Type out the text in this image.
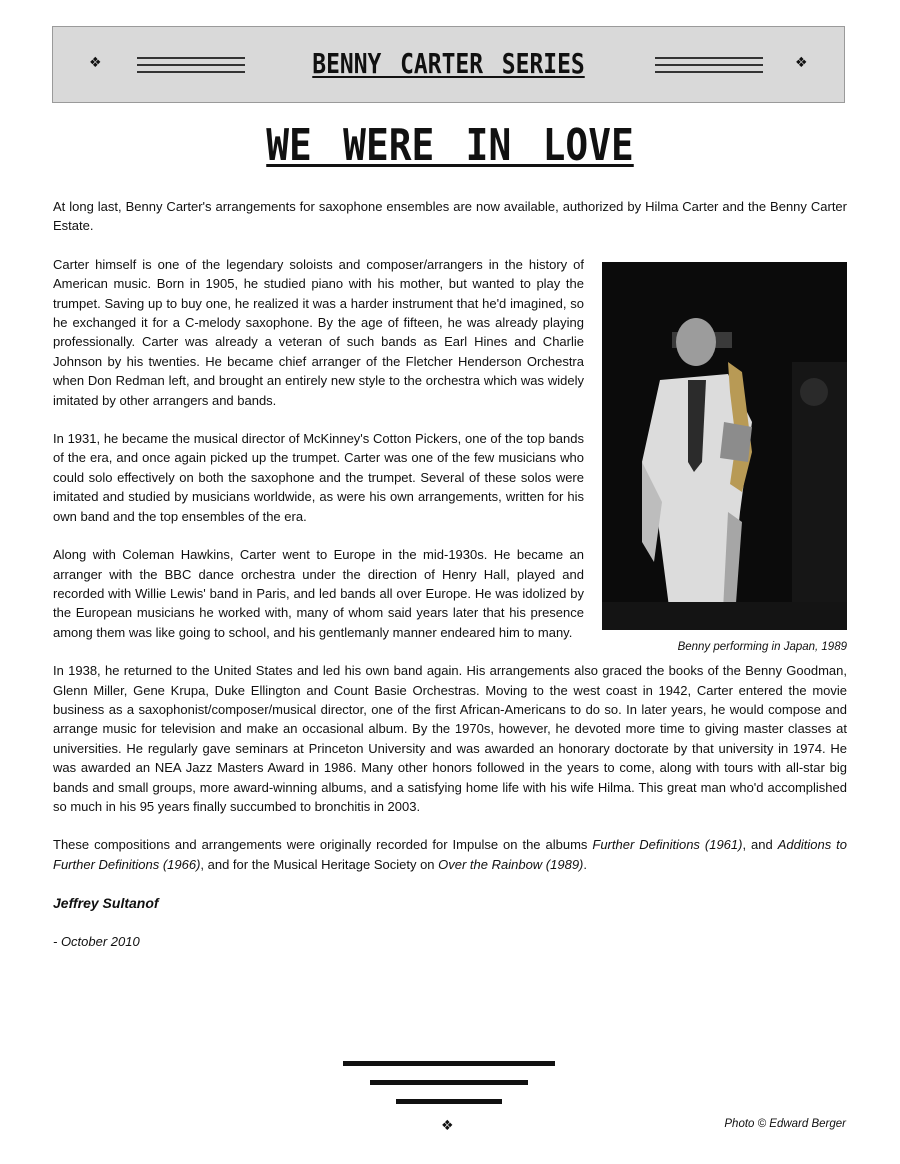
❖	BENNY CARTER SERIES	❖
WE WERE IN LOVE

At long last, Benny Carter's arrangements for saxophone ensembles are now available, authorized by Hilma Carter and the Benny Carter Estate.

Benny performing in Japan, 1989

Carter himself is one of the legendary soloists and composer/arrangers in the history of American music. Born in 1905, he studied piano with his mother, but wanted to play the trumpet. Saving up to buy one, he realized it was a harder instrument that he'd imagined, so he exchanged it for a C-melody saxophone. By the age of fifteen, he was already playing professionally. Carter was already a veteran of such bands as Earl Hines and Charlie Johnson by his twenties. He became chief arranger of the Fletcher Henderson Orchestra when Don Redman left, and brought an entirely new style to the orchestra which was widely imitated by other arrangers and bands.

In 1931, he became the musical director of McKinney's Cotton Pickers, one of the top bands of the era, and once again picked up the trumpet. Carter was one of the few musicians who could solo effectively on both the saxophone and the trumpet. Several of these solos were imitated and studied by musicians worldwide, as were his own arrangements, written for his own band and the top ensembles of the era.

Along with Coleman Hawkins, Carter went to Europe in the mid-1930s. He became an arranger with the BBC dance orchestra under the direction of Henry Hall, played and recorded with Willie Lewis' band in Paris, and led bands all over Europe. He was idolized by the European musicians he worked with, many of whom said years later that his presence among them was like going to school, and his gentlemanly manner endeared him to many.

In 1938, he returned to the United States and led his own band again. His arrangements also graced the books of the Benny Goodman, Glenn Miller, Gene Krupa, Duke Ellington and Count Basie Orchestras. Moving to the west coast in 1942, Carter entered the movie business as a saxophonist/composer/musical director, one of the first African-Americans to do so. In later years, he would compose and arrange music for television and make an occasional album. By the 1970s, however, he devoted more time to giving master classes at universities. He regularly gave seminars at Princeton University and was awarded an honorary doctorate by that university in 1974. He was awarded an NEA Jazz Masters Award in 1986. Many other honors followed in the years to come, along with tours with all-star big bands and small groups, more award-winning albums, and a satisfying home life with his wife Hilma. This great man who'd accomplished so much in his 95 years finally succumbed to bronchitis in 2003.

These compositions and arrangements were originally recorded for Impulse on the albums Further Definitions (1961), and Additions to Further Definitions (1966), and for the Musical Heritage Society on Over the Rainbow (1989).

Jeffrey Sultanof

- October 2010

❖	Photo © Edward Berger
